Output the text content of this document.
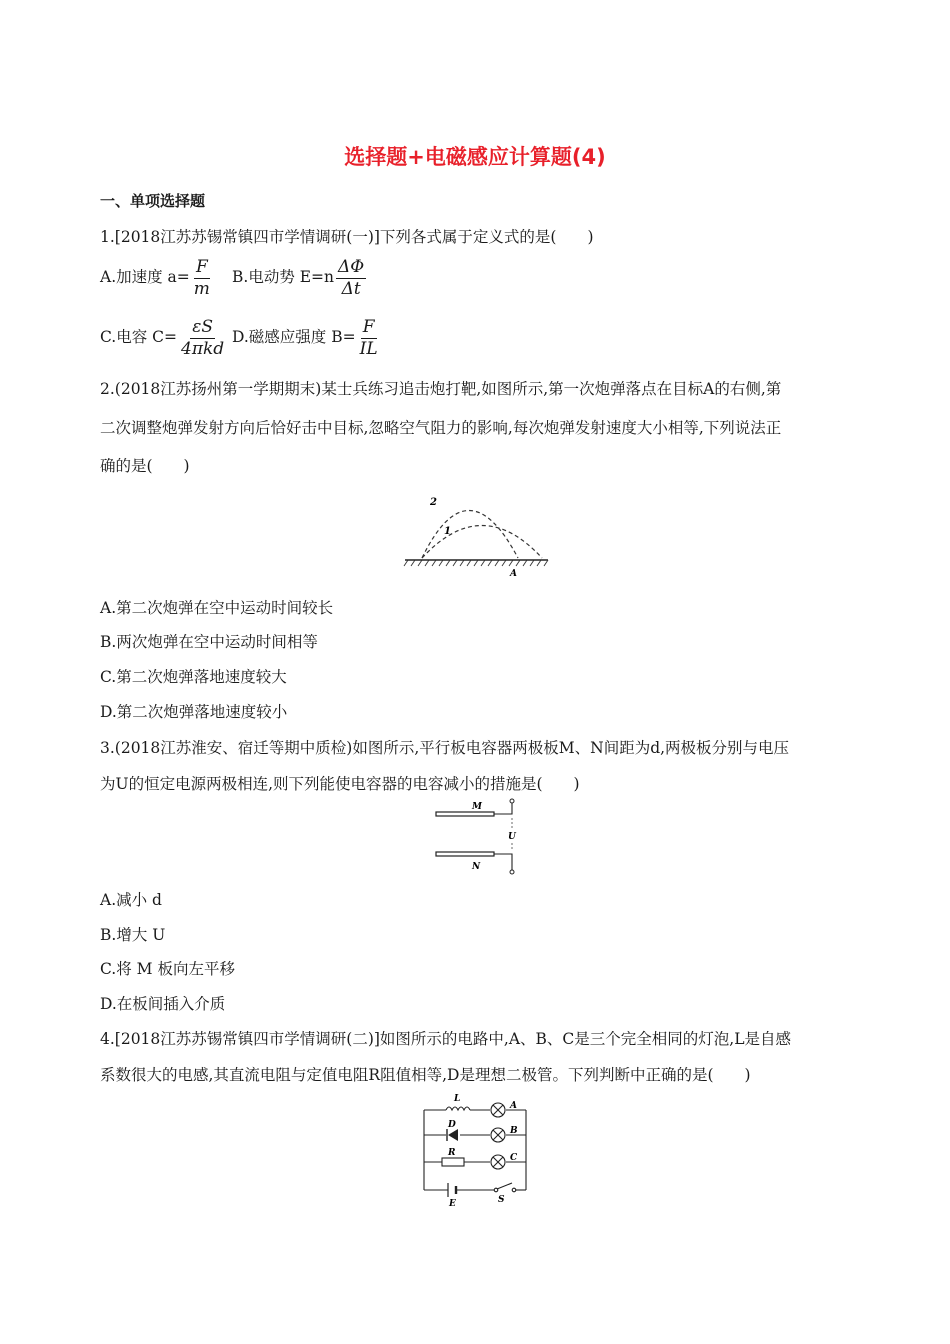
选择题+电磁感应计算题(4)
一、单项选择题
1.[2018江苏苏锡常镇四市学情调研(一)]下列各式属于定义式的是(　　)
A.加速度 $a= \frac{F}{m} B$.电动势 $E=n \frac{\Delta\Phi}{\Delta t}$
C.电容 $C= \frac{\varepsilon S}{\text{4πkd}} D$.磁感应强度 $B= \frac{F}{IL}$
2.(2018江苏扬州第一学期期末)某士兵练习追击炮打靶,如图所示,第一次炮弹落点在目标A的右侧,第
二次调整炮弹发射方向后恰好击中目标,忽略空气阻力的影响,每次炮弹发射速度大小相等,下列说法正
确的是(　　)
2
1
A
A.第二次炮弹在空中运动时间较长
B.两次炮弹在空中运动时间相等
C.第二次炮弹落地速度较大
D.第二次炮弹落地速度较小
3.(2018江苏淮安、宿迁等期中质检)如图所示,平行板电容器两极板M、N间距为d,两极板分别与电压
为U的恒定电源两极相连,则下列能使电容器的电容减小的措施是(　　)
M
N
U
A.减小 d
B.增大 U
C.将 M 板向左平移
D.在板间插入介质
4.[2018江苏苏锡常镇四市学情调研(二)]如图所示的电路中,A、B、C是三个完全相同的灯泡,L是自感
系数很大的电感,其直流电阻与定值电阻R阻值相等,D是理想二极管。下列判断中正确的是(　　)
L
A
D
B
R	C
E	S
